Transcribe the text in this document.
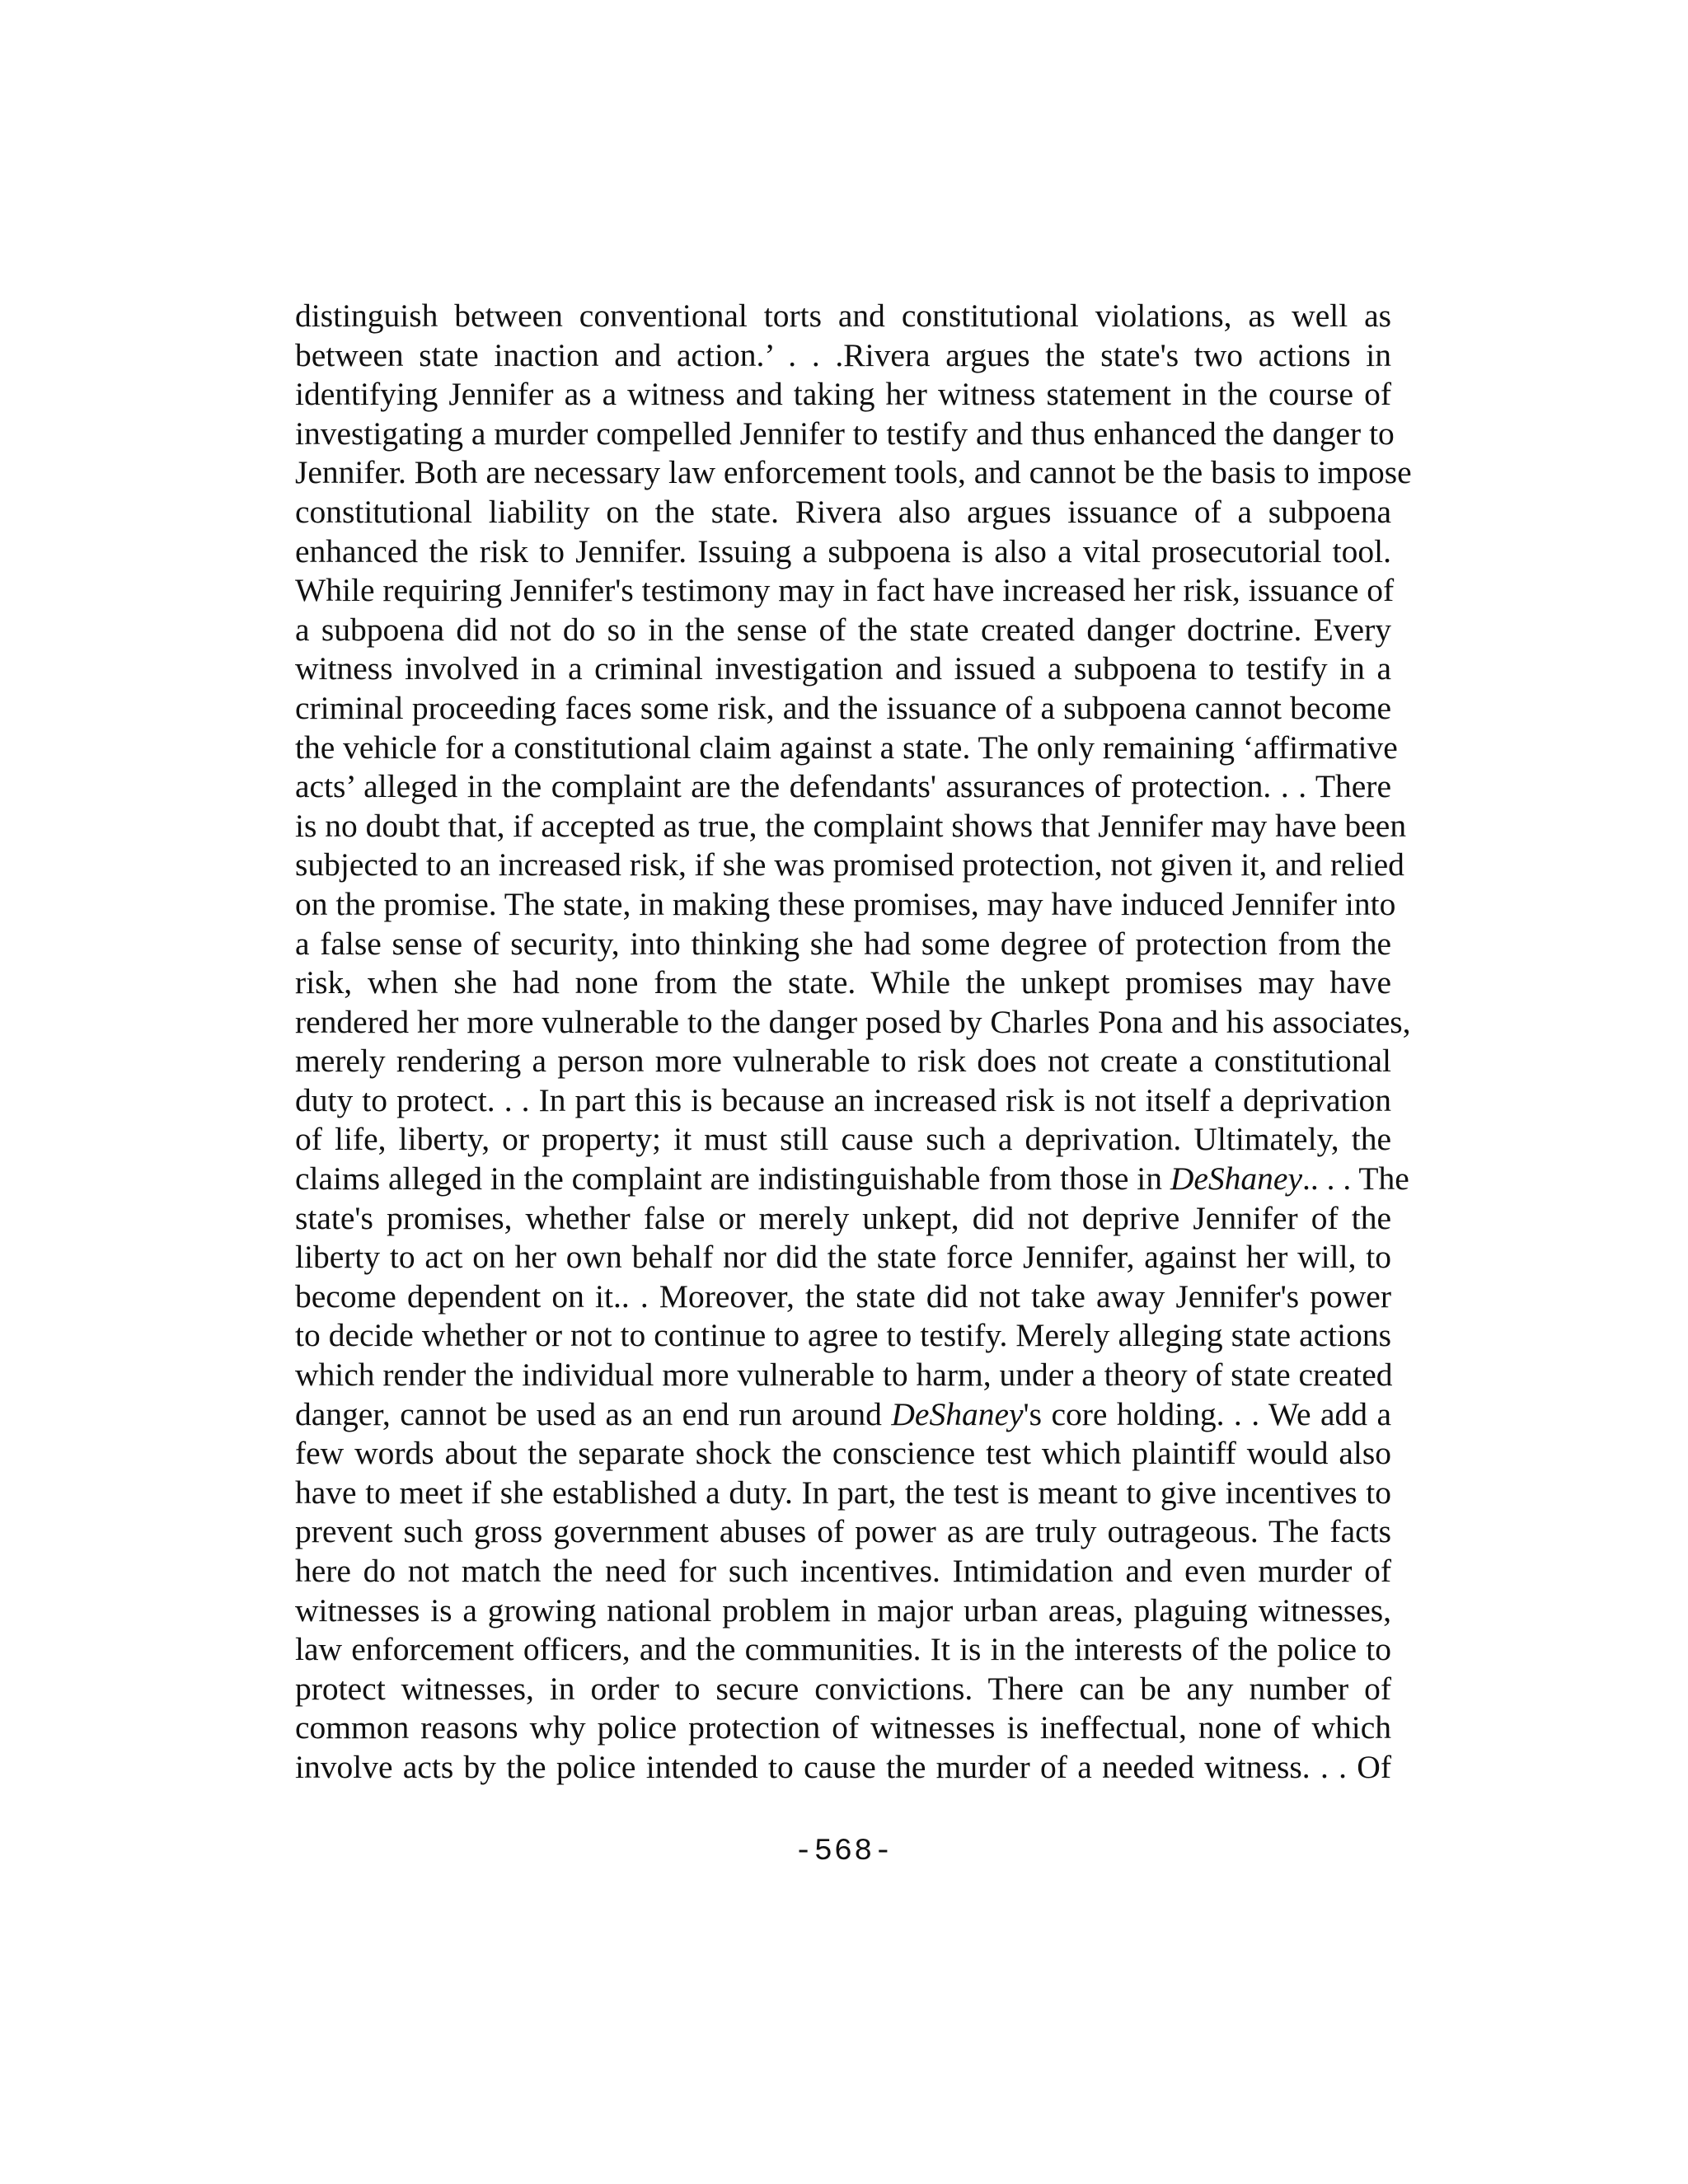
distinguish between conventional torts and constitutional violations, as well as
between state inaction and action.’ . . .Rivera argues the state's two actions in
identifying Jennifer as a witness and taking her witness statement in the course of
investigating a murder compelled Jennifer to testify and thus enhanced the danger to
Jennifer. Both are necessary law enforcement tools, and cannot be the basis to impose
constitutional liability on the state. Rivera also argues issuance of a subpoena
enhanced the risk to Jennifer. Issuing a subpoena is also a vital prosecutorial tool.
While requiring Jennifer's testimony may in fact have increased her risk, issuance of
a subpoena did not do so in the sense of the state created danger doctrine. Every
witness involved in a criminal investigation and issued a subpoena to testify in a
criminal proceeding faces some risk, and the issuance of a subpoena cannot become
the vehicle for a constitutional claim against a state. The only remaining ‘affirmative
acts’ alleged in the complaint are the defendants' assurances of protection. . . There
is no doubt that, if accepted as true, the complaint shows that Jennifer may have been
subjected to an increased risk, if she was promised protection, not given it, and relied
on the promise. The state, in making these promises, may have induced Jennifer into
a false sense of security, into thinking she had some degree of protection from the
risk, when she had none from the state. While the unkept promises may have
rendered her more vulnerable to the danger posed by Charles Pona and his associates,
merely rendering a person more vulnerable to risk does not create a constitutional
duty to protect. . . In part this is because an increased risk is not itself a deprivation
of life, liberty, or property; it must still cause such a deprivation. Ultimately, the
claims alleged in the complaint are indistinguishable from those in DeShaney.. . . The
state's promises, whether false or merely unkept, did not deprive Jennifer of the
liberty to act on her own behalf nor did the state force Jennifer, against her will, to
become dependent on it.. . Moreover, the state did not take away Jennifer's power
to decide whether or not to continue to agree to testify. Merely alleging state actions
which render the individual more vulnerable to harm, under a theory of state created
danger, cannot be used as an end run around DeShaney's core holding. . . We add a
few words about the separate shock the conscience test which plaintiff would also
have to meet if she established a duty. In part, the test is meant to give incentives to
prevent such gross government abuses of power as are truly outrageous. The facts
here do not match the need for such incentives. Intimidation and even murder of
witnesses is a growing national problem in major urban areas, plaguing witnesses,
law enforcement officers, and the communities. It is in the interests of the police to
protect witnesses, in order to secure convictions. There can be any number of
common reasons why police protection of witnesses is ineffectual, none of which
involve acts by the police intended to cause the murder of a needed witness. . . Of
-568-
